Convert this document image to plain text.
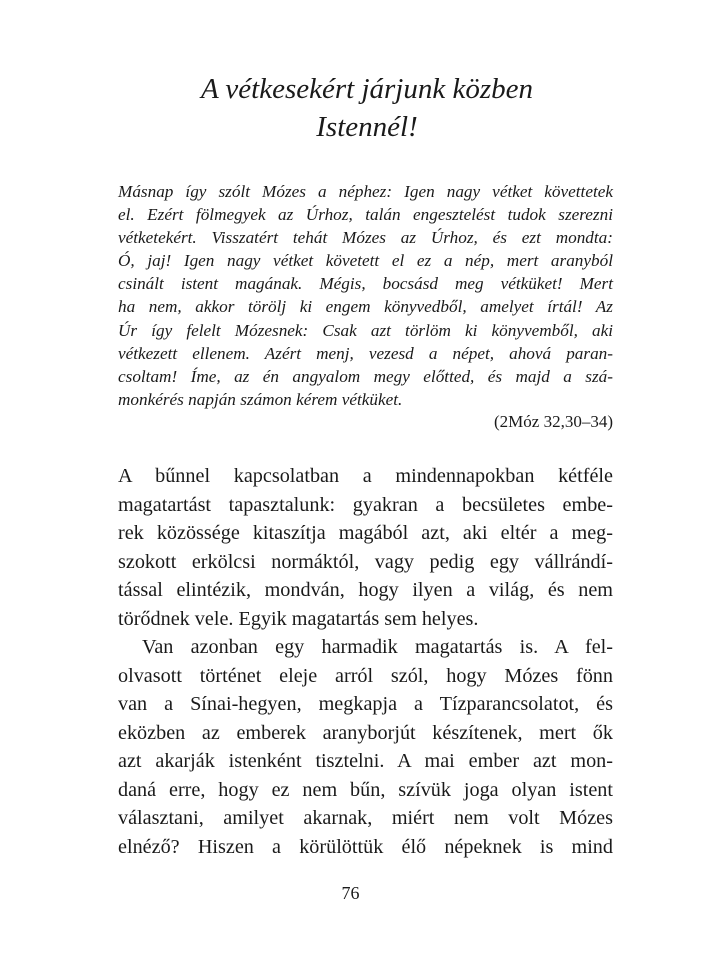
A vétkesekért járjunk közben
Istennél!
Másnap így szólt Mózes a néphez: Igen nagy vétket követtetek
el. Ezért fölmegyek az Úrhoz, talán engesztelést tudok szerezni
vétketekért. Visszatért tehát Mózes az Úrhoz, és ezt mondta:
Ó, jaj! Igen nagy vétket követett el ez a nép, mert aranyból
csinált istent magának. Mégis, bocsásd meg vétküket! Mert
ha nem, akkor törölj ki engem könyvedből, amelyet írtál! Az
Úr így felelt Mózesnek: Csak azt törlöm ki könyvemből, aki
vétkezett ellenem. Azért menj, vezesd a népet, ahová paran-
csoltam! Íme, az én angyalom megy előtted, és majd a szá-
monkérés napján számon kérem vétküket.
(2Móz 32,30–34)
A bűnnel kapcsolatban a mindennapokban kétféle
magatartást tapasztalunk: gyakran a becsületes embe-
rek közössége kitaszítja magából azt, aki eltér a meg-
szokott erkölcsi normáktól, vagy pedig egy vállrándí-
tással elintézik, mondván, hogy ilyen a világ, és nem
törődnek vele. Egyik magatartás sem helyes.
Van azonban egy harmadik magatartás is. A fel-
olvasott történet eleje arról szól, hogy Mózes fönn
van a Sínai-hegyen, megkapja a Tízparancsolatot, és
eközben az emberek aranyborjút készítenek, mert ők
azt akarják istenként tisztelni. A mai ember azt mon-
daná erre, hogy ez nem bűn, szívük joga olyan istent
választani, amilyet akarnak, miért nem volt Mózes
elnéző? Hiszen a körülöttük élő népeknek is mind
76
